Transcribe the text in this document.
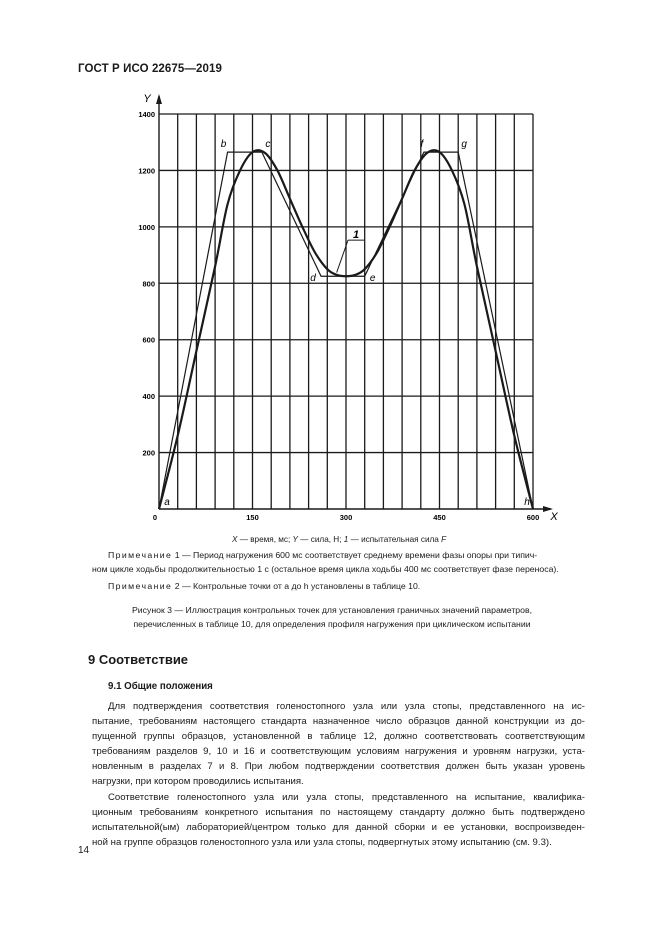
ГОСТ Р ИСО 22675—2019
Y
X
200
400
600
800
1000
1200
1400
0	150	300	450	600
a
b	c
d	e
f	g
h
1
X — время, мс; Y — сила, Н; 1 — испытательная сила F
Примечание 1 — Период нагружения 600 мс соответствует среднему времени фазы опоры при типич-
ном цикле ходьбы продолжительностью 1 с (остальное время цикла ходьбы 400 мс соответствует фазе переноса).
Примечание 2 — Контрольные точки от a до h установлены в таблице 10.
Рисунок 3 — Иллюстрация контрольных точек для установления граничных значений параметров,
перечисленных в таблице 10, для определения профиля нагружения при циклическом испытании
9 Соответствие
9.1 Общие положения
Для подтверждения соответствия голеностопного узла или узла стопы, представленного на ис-
пытание, требованиям настоящего стандарта назначенное число образцов данной конструкции из до-
пущенной группы образцов, установленной в таблице 12, должно соответствовать соответствующим
требованиям разделов 9, 10 и 16 и соответствующим условиям нагружения и уровням нагрузки, уста-
новленным в разделах 7 и 8. При любом подтверждении соответствия должен быть указан уровень
нагрузки, при котором проводились испытания.
Соответствие голеностопного узла или узла стопы, представленного на испытание, квалифика-
ционным требованиям конкретного испытания по настоящему стандарту должно быть подтверждено
испытательной(ым) лабораторией/центром только для данной сборки и ее установки, воспроизведен-
ной на группе образцов голеностопного узла или узла стопы, подвергнутых этому испытанию (см. 9.3).
14
